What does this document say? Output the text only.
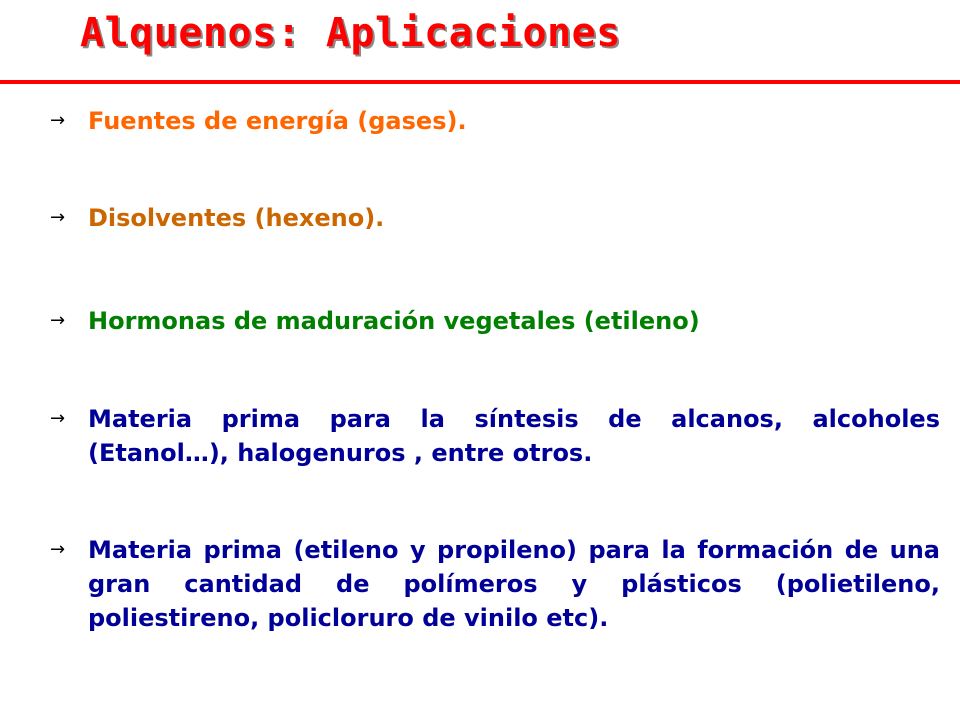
Alquenos: Aplicaciones
→ Fuentes de energía (gases).
→ Disolventes (hexeno).
→ Hormonas de maduración vegetales (etileno)
→ Materia prima para la síntesis de alcanos, alcoholes (Etanol…), halogenuros , entre otros.
→ Materia prima (etileno y propileno) para la formación de una gran cantidad de polímeros y plásticos (polietileno, poliestireno, policloruro de vinilo etc).
